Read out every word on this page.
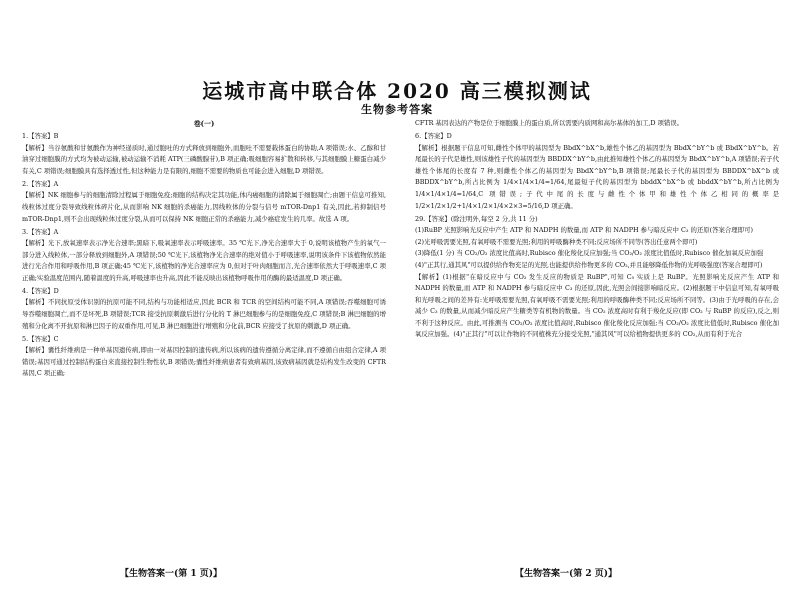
运城市高中联合体 2020 高三模拟测试
生物参考答案
卷(一)
1.【答案】B

【解析】当谷氨酸和甘氨酸作为神经递质时,通过胞吐的方式释放到细胞外,而胞吐不需要载体蛋白的协助,A 项错误;水、乙醇和甘油穿过细胞膜的方式均为被动运输,被动运输不消耗 ATP(三磷酸腺苷),B 项正确;吸细胞容易扩散和转移,与其细胞膜上糖蛋白减少有关,C 项错误;细胞膜具有选择透过性,但这种能力是有限的,细胞不需要的物质也可能会进入细胞,D 项错误。

2.【答案】A

【解析】NK 细胞参与的细胞清除过程属于细胞免疫;细胞的结构决定其功能,体内癌细胞的清除属于细胞凋亡;由题干信息可推知,线粒体过度分裂导致线粒体碎片化,从而影响 NK 细胞的杀癌能力,因线粒体的分裂与信号 mTOR-Dnp1 有关,因此,若抑制信号 mTOR-Dnp1,则不会出现线粒体过度分裂,从而可以保持 NK 细胞正常的杀癌能力,减少癌症发生的几率。故选 A 项。

3.【答案】A

【解析】光下,放氧速率表示净光合速率;黑暗下,吸氧速率表示呼吸速率。35 ℃光下,净光合速率大于 0,说明该植物产生的氧气一部分进入线粒体,一部分释放到细胞外,A 项错误;50 ℃光下,该植物净光合速率的绝对值小于呼吸速率,说明该条件下该植物依然能进行光合作用和呼吸作用,B 项正确;45 ℃光下,该植物的净光合速率应为 0,但对于叶肉细胞而言,光合速率依然大于呼吸速率,C 项正确;实验温度范围内,随着温度的升高,呼吸速率也升高,因此不能反映出该植物呼吸作用的酶的最适温度,D 项正确。

4.【答案】D

【解析】不同抗原受体识别的抗原可能不同,结构与功能相适应,因此 BCR 和 TCR 的空间结构可能不同,A 项错误;吞噬细胞可诱导吞噬细胞凋亡,而不是坏死,B 项错误;TCR 接受抗原刺激后进行分化的 T 淋巴细胞参与的是细胞免疫,C 项错误;B 淋巴细胞的增殖和分化离不开抗原和淋巴因子的双重作用,可见,B 淋巴细胞进行增殖和分化前,BCR 应接受了抗原的刺激,D 项正确。

5.【答案】C

【解析】囊性纤维病是一种单基因遗传病,即由一对基因控制的遗传病,所以该病的遗传遵循分离定律,而不遵循自由组合定律,A 项错误;基因可通过控制结构蛋白来直接控制生物性状,B 项错误;囊性纤维病患者有致病基因,该致病基因就是结构发生改变的 CFTR 基因,C 项正确;

CFTR 基因表达的产物是位于细胞膜上的蛋白质,所以需要内质网和高尔基体的加工,D 项错误。

6.【答案】D

【解析】根据题干信息可知,雌性个体甲的基因型为 BbdX^bX^b,雄性个体乙的基因型为 BbdX^bY^b 或 BbdX^bY^b。若尾最长的子代是雄性,则该雄性子代的基因型为 BBDDX^bY^b,由此推知雄性个体乙的基因型为 BbdX^bY^b,A 项错误;若子代雄性个体尾的长度有 7 种,则雌性个体乙的基因型为 BbdX^bY^b,B 项错误;尾最长子代的基因型为 BBDDX^bX^b 或 BBDDX^bY^b,所占比例为 1/4×1/4×1/4=1/64,尾最短子代的基因型为 bbddX^bX^b 或 bbddX^bY^b,所占比例为 1/4×1/4×1/4=1/64,C 项错误;子代中尾的长度与雌性个体甲和雄性个体乙相同的概率是 1/2×1/2×1/2+1/4×1/2×1/4×2×3=5/16,D 项正确。

29.【答案】(除注明外,每空 2 分,共 11 分)

(1)RuBP 光照影响光反应中产生 ATP 和 NADPH 的数量,而 ATP 和 NADPH 参与暗反应中 C₃ 的还原(答案合理即可)

(2)光呼吸需要光照,有氧呼吸不需要光照;利用的呼吸酶种类不同;反应场所不同等(答出任意两个即可)

(3)降低(1 分) 当 CO₂/O₂ 浓度比值高时,Rubisco 催化羧化反应加强;当 CO₂/O₂ 浓度比值低时,Rubisco 催化加氧反应加强

(4)"正其行,通其风"可以提供给作物充足的光照,也能提供给作物更多的 CO₂,并且能够降低作物的光呼吸强度(答案合理即可)

【解析】(1)根据"在暗反应中与 CO₂ 发生反应的物质是 RuBP",可知 C₅ 实质上是 RuBP。光照影响光反应产生 ATP 和 NADPH 的数量,而 ATP 和 NADPH 参与暗反应中 C₃ 的还原,因此,光照会间接影响暗反应。(2)根据题干中信息可知,有氧呼吸和光呼吸之间的差异有:光呼吸需要光照,有氧呼吸不需要光照;利用的呼吸酶种类不同;反应场所不同等。(3)由于光呼吸的存在,会减少 C₃ 的数量,从而减少暗反应产生糖类等有机物的数量。当 CO₂ 浓度高时有利于羧化反应(即 CO₂ 与 RuBP 的反应),反之,则不利于这种反应。由此,可推测当 CO₂/O₂ 浓度比值高时,Rubisco 催化羧化反应加强;当 CO₂/O₂ 浓度比值低时,Rubisco 催化加氧反应加强。(4)"正其行"可以让作物的不同植株充分接受光照,"通其风"可以给植物提供更多的 CO₂,从而有利于光合

【生物答案一(第 1 页)】	【生物答案一(第 2 页)】
